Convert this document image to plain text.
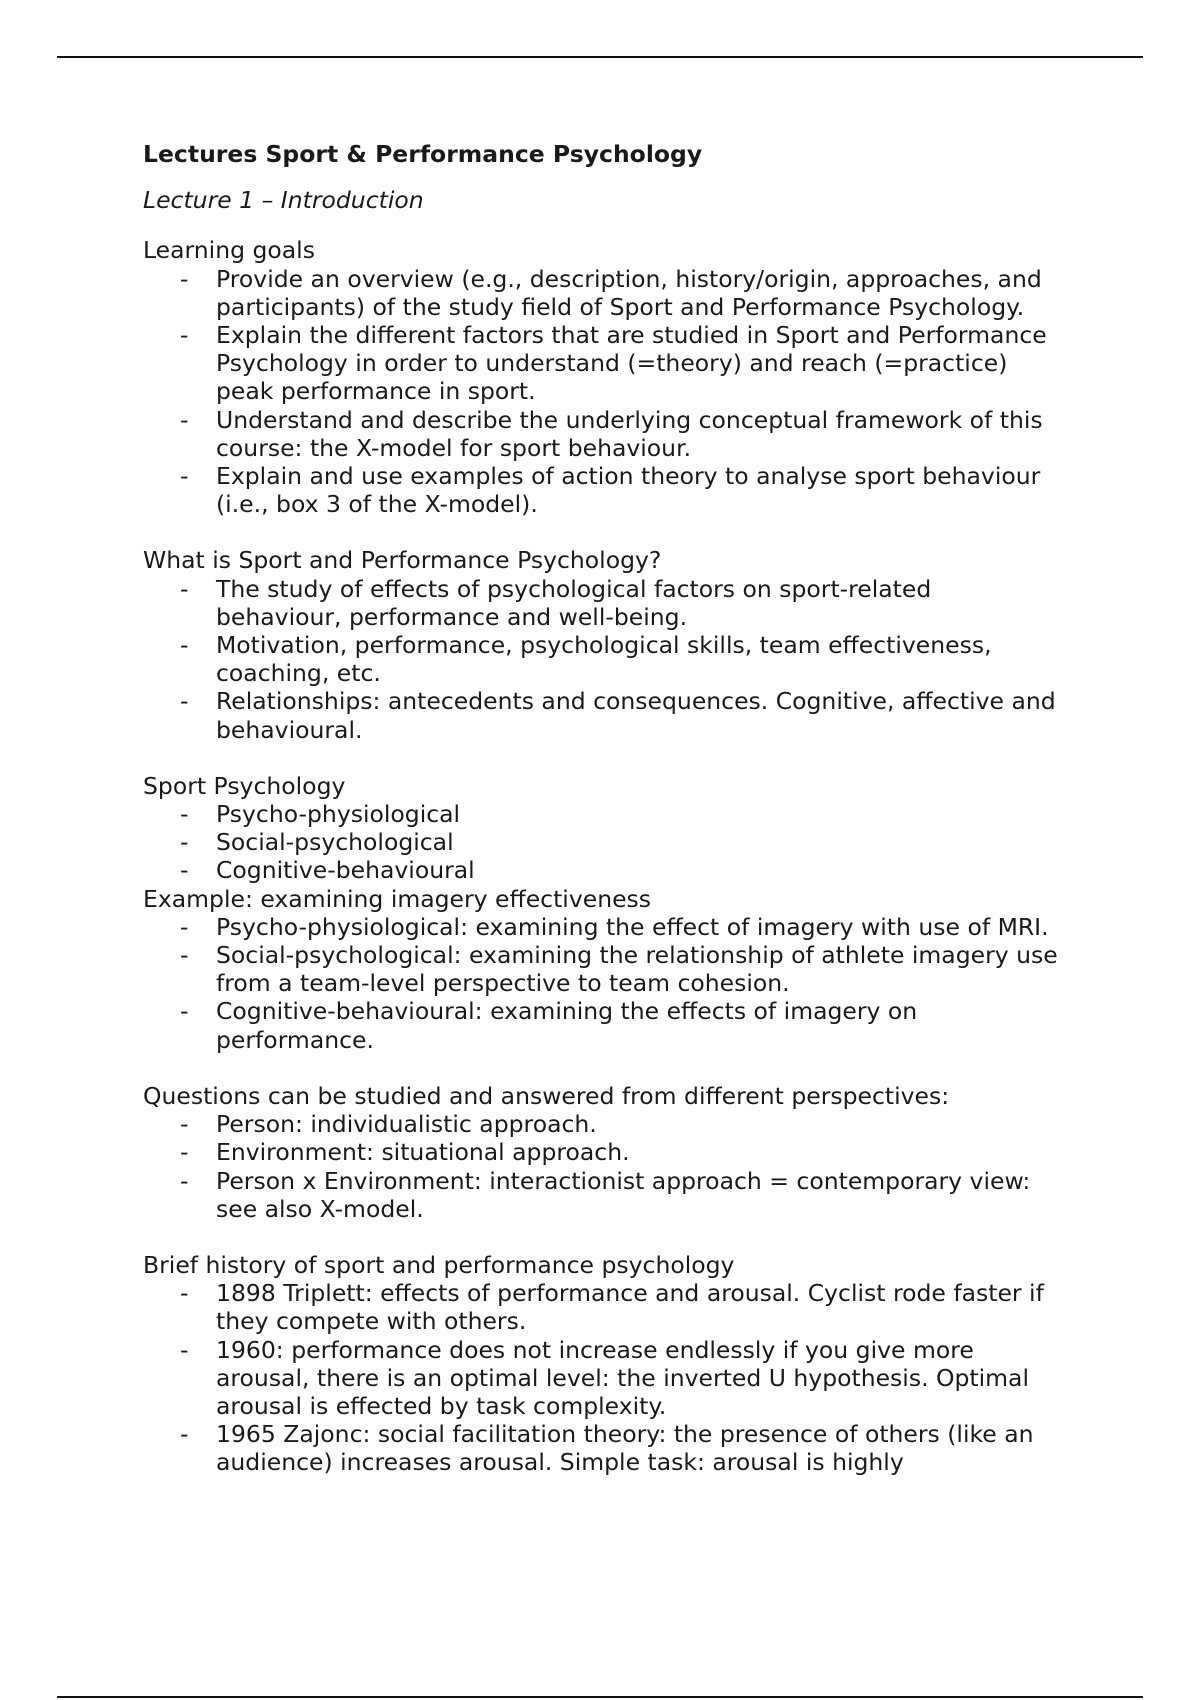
Lectures Sport & Performance Psychology

Lecture 1 – Introduction

Learning goals

- Provide an overview (e.g., description, history/origin, approaches, and participants) of the study field of Sport and Performance Psychology.
- Explain the different factors that are studied in Sport and Performance Psychology in order to understand (=theory) and reach (=practice) peak performance in sport.
- Understand and describe the underlying conceptual framework of this course: the X-model for sport behaviour.
- Explain and use examples of action theory to analyse sport behaviour (i.e., box 3 of the X-model).

What is Sport and Performance Psychology?

- The study of effects of psychological factors on sport-related behaviour, performance and well-being.
- Motivation, performance, psychological skills, team effectiveness, coaching, etc.
- Relationships: antecedents and consequences. Cognitive, affective and behavioural.

Sport Psychology

- Psycho-physiological
- Social-psychological
- Cognitive-behavioural

Example: examining imagery effectiveness

- Psycho-physiological: examining the effect of imagery with use of MRI.
- Social-psychological: examining the relationship of athlete imagery use from a team-level perspective to team cohesion.
- Cognitive-behavioural: examining the effects of imagery on performance.

Questions can be studied and answered from different perspectives:

- Person: individualistic approach.
- Environment: situational approach.
- Person x Environment: interactionist approach = contemporary view: see also X-model.

Brief history of sport and performance psychology

- 1898 Triplett: effects of performance and arousal. Cyclist rode faster if they compete with others.
- 1960: performance does not increase endlessly if you give more arousal, there is an optimal level: the inverted U hypothesis. Optimal arousal is effected by task complexity.
- 1965 Zajonc: social facilitation theory: the presence of others (like an audience) increases arousal. Simple task: arousal is highly
